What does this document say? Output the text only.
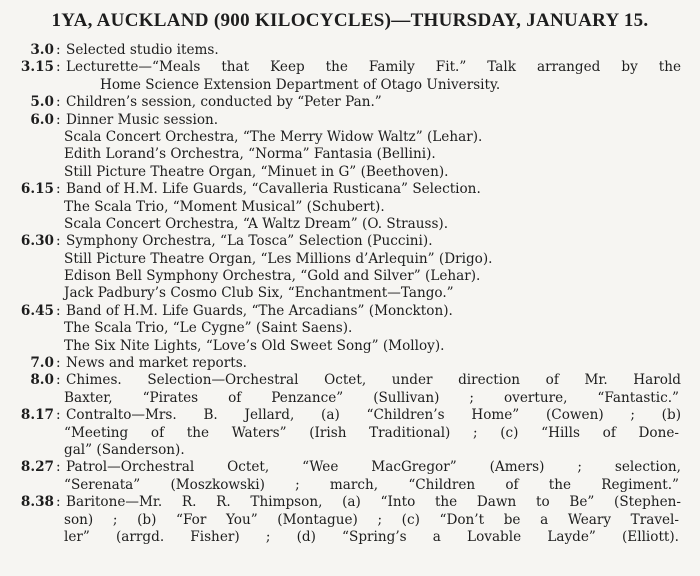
1YA, AUCKLAND (900 KILOCYCLES)—THURSDAY, JANUARY 15.
3.0 : Selected studio items.
3.15 : Lecturette—“Meals that Keep the Family Fit.” Talk arranged by the
Home Science Extension Department of Otago University.
5.0 : Children’s session, conducted by “Peter Pan.”
6.0 : Dinner Music session.
Scala Concert Orchestra, “The Merry Widow Waltz” (Lehar).
Edith Lorand’s Orchestra, “Norma” Fantasia (Bellini).
Still Picture Theatre Organ, “Minuet in G” (Beethoven).
6.15 : Band of H.M. Life Guards, “Cavalleria Rusticana” Selection.
The Scala Trio, “Moment Musical” (Schubert).
Scala Concert Orchestra, “A Waltz Dream” (O. Strauss).
6.30 : Symphony Orchestra, “La Tosca” Selection (Puccini).
Still Picture Theatre Organ, “Les Millions d’Arlequin” (Drigo).
Edison Bell Symphony Orchestra, “Gold and Silver” (Lehar).
Jack Padbury’s Cosmo Club Six, “Enchantment—Tango.”
6.45 : Band of H.M. Life Guards, “The Arcadians” (Monckton).
The Scala Trio, “Le Cygne” (Saint Saens).
The Six Nite Lights, “Love’s Old Sweet Song” (Molloy).
7.0 : News and market reports.
8.0 : Chimes. Selection—Orchestral Octet, under direction of Mr. Harold
Baxter, “Pirates of Penzance” (Sullivan) ; overture, “Fantastic.”
8.17 : Contralto—Mrs. B. Jellard, (a) “Children’s Home” (Cowen) ; (b)
“Meeting of the Waters” (Irish Traditional) ; (c) “Hills of Done-
gal” (Sanderson).
8.27 : Patrol—Orchestral Octet, “Wee MacGregor” (Amers) ; selection,
“Serenata” (Moszkowski) ; march, “Children of the Regiment.”
8.38 : Baritone—Mr. R. R. Thimpson, (a) “Into the Dawn to Be” (Stephen-
son) ; (b) “For You” (Montague) ; (c) “Don’t be a Weary Travel-
ler” (arrgd. Fisher) ; (d) “Spring’s a Lovable Layde” (Elliott).
